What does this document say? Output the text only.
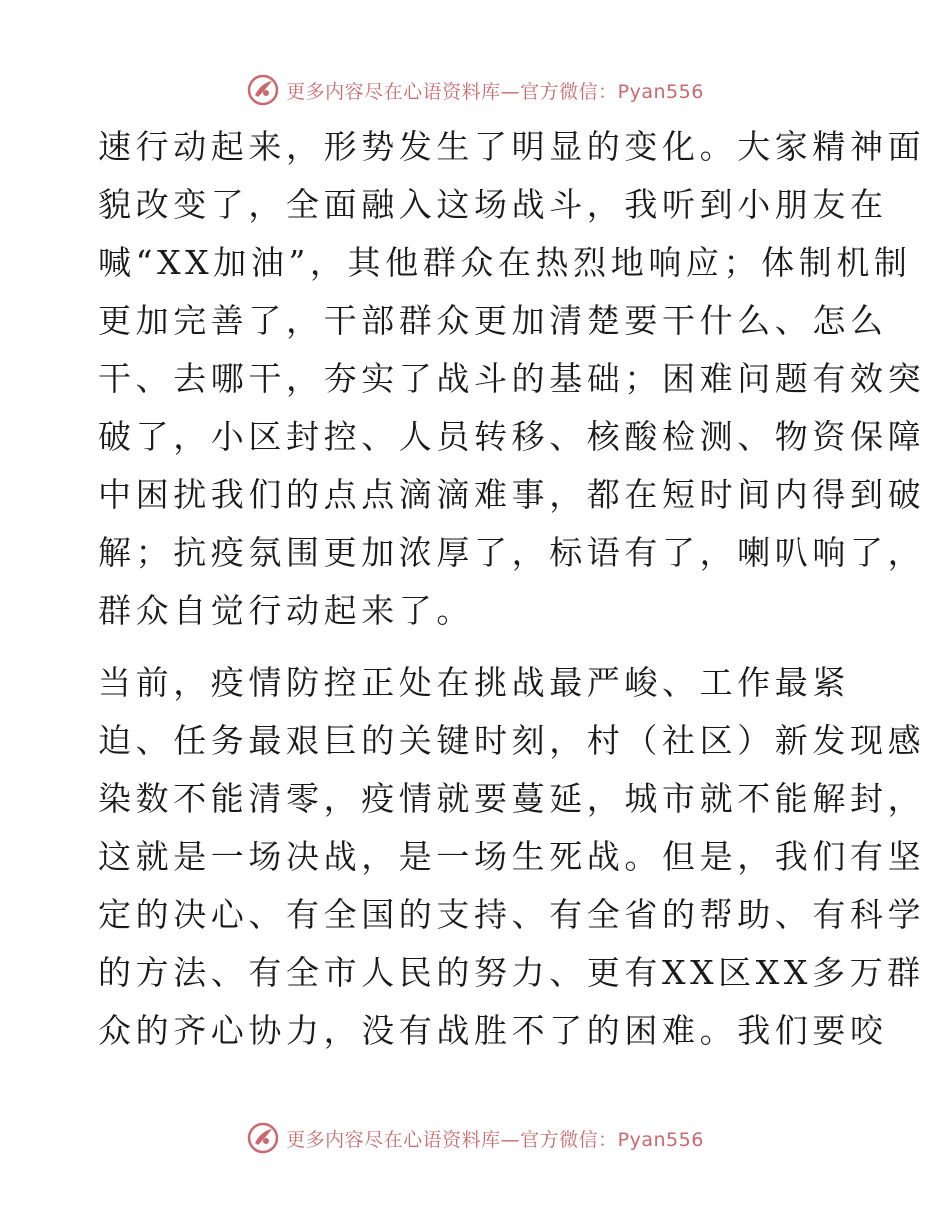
更多内容尽在心语资料库—官方微信：Pyan556
速行动起来，形势发生了明显的变化。大家精神面
貌改变了，全面融入这场战斗，我听到小朋友在
喊“XX加油”，其他群众在热烈地响应；体制机制
更加完善了，干部群众更加清楚要干什么、怎么
干、去哪干，夯实了战斗的基础；困难问题有效突
破了，小区封控、人员转移、核酸检测、物资保障
中困扰我们的点点滴滴难事，都在短时间内得到破
解；抗疫氛围更加浓厚了，标语有了，喇叭响了，
群众自觉行动起来了。
当前，疫情防控正处在挑战最严峻、工作最紧
迫、任务最艰巨的关键时刻，村（社区）新发现感
染数不能清零，疫情就要蔓延，城市就不能解封，
这就是一场决战，是一场生死战。但是，我们有坚
定的决心、有全国的支持、有全省的帮助、有科学
的方法、有全市人民的努力、更有XX区XX多万群
众的齐心协力，没有战胜不了的困难。我们要咬
更多内容尽在心语资料库—官方微信：Pyan556
